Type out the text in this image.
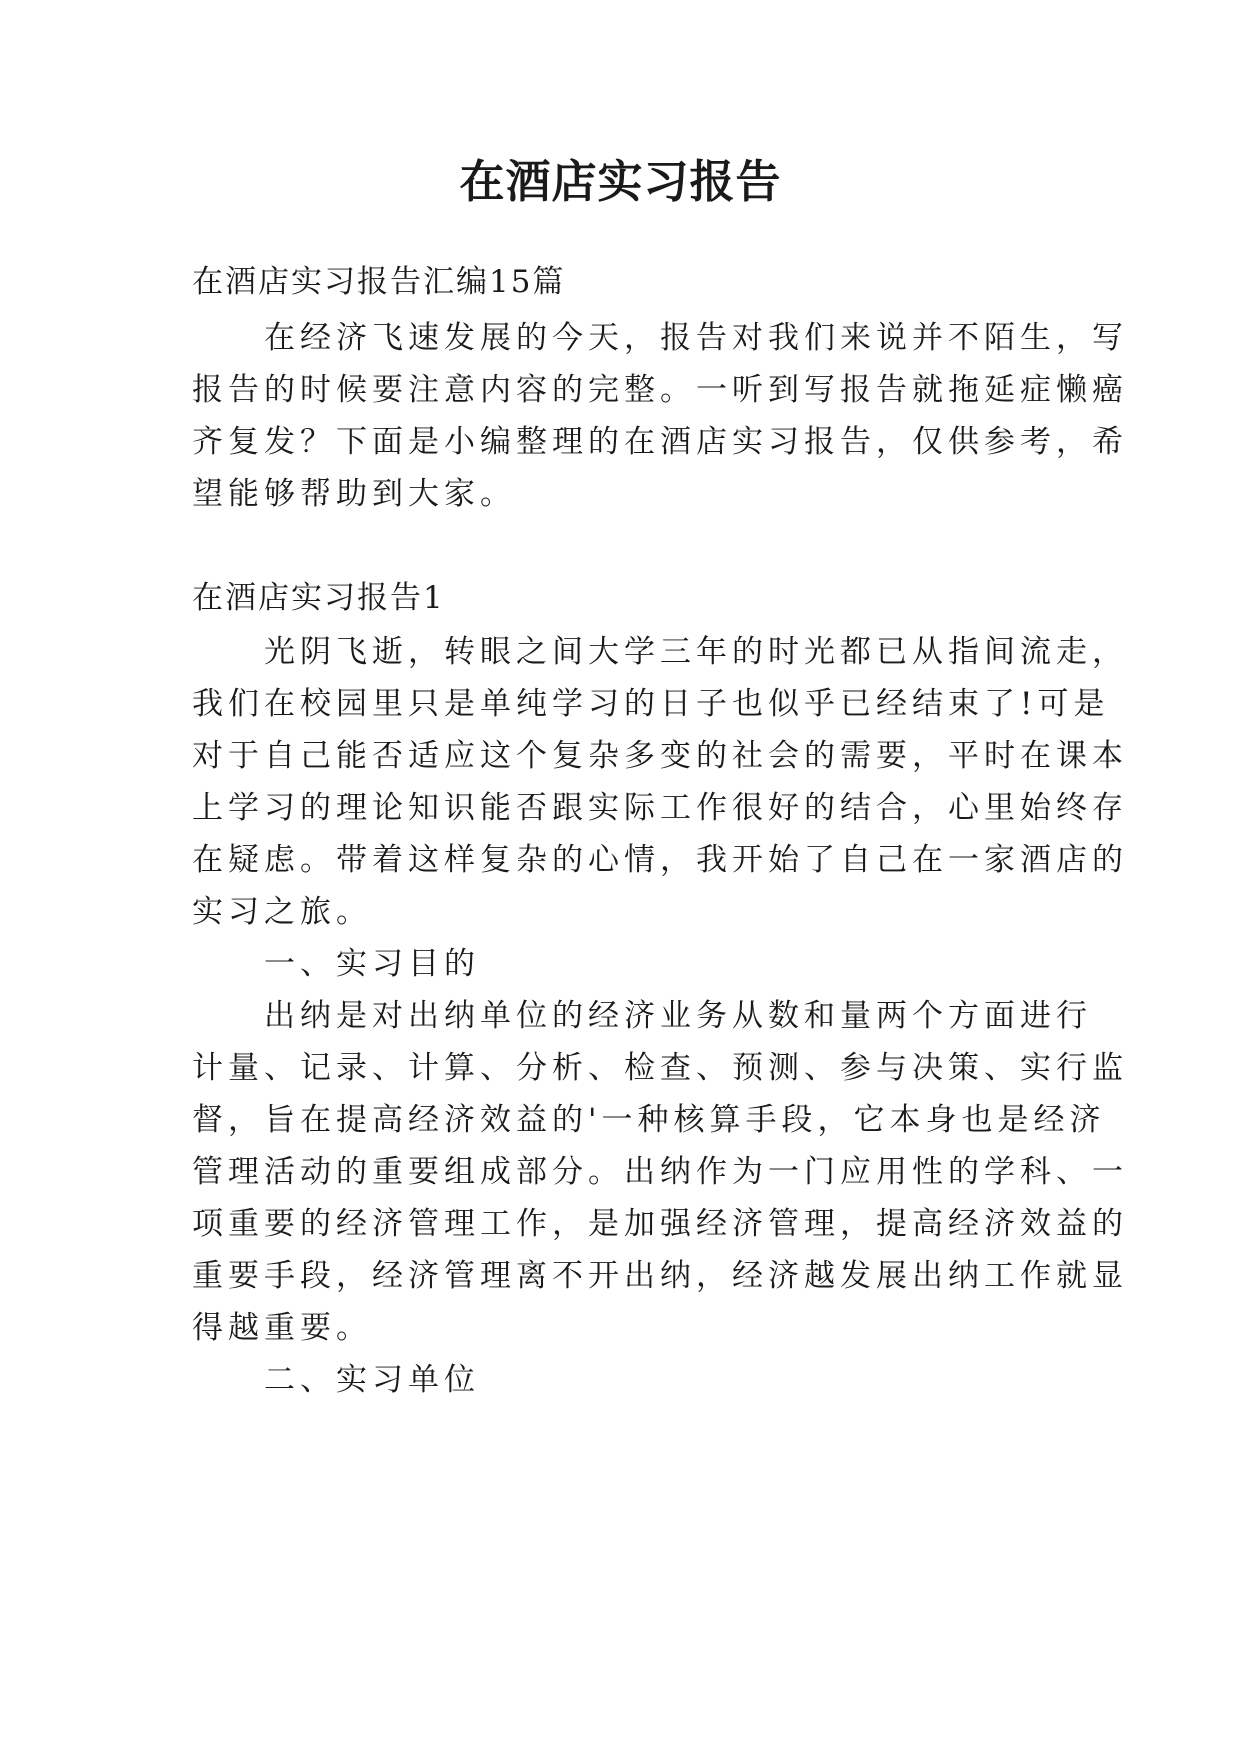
在酒店实习报告

在酒店实习报告汇编15篇

　　在经济飞速发展的今天，报告对我们来说并不陌生，写

报告的时候要注意内容的完整。一听到写报告就拖延症懒癌

齐复发？下面是小编整理的在酒店实习报告，仅供参考，希

望能够帮助到大家。

在酒店实习报告1

　　光阴飞逝，转眼之间大学三年的时光都已从指间流走，

我们在校园里只是单纯学习的日子也似乎已经结束了!可是

对于自己能否适应这个复杂多变的社会的需要，平时在课本

上学习的理论知识能否跟实际工作很好的结合，心里始终存

在疑虑。带着这样复杂的心情，我开始了自己在一家酒店的

实习之旅。

　　一、实习目的

　　出纳是对出纳单位的经济业务从数和量两个方面进行

计量、记录、计算、分析、检查、预测、参与决策、实行监

督，旨在提高经济效益的'一种核算手段，它本身也是经济

管理活动的重要组成部分。出纳作为一门应用性的学科、一

项重要的经济管理工作，是加强经济管理，提高经济效益的

重要手段，经济管理离不开出纳，经济越发展出纳工作就显

得越重要。

　　二、实习单位
